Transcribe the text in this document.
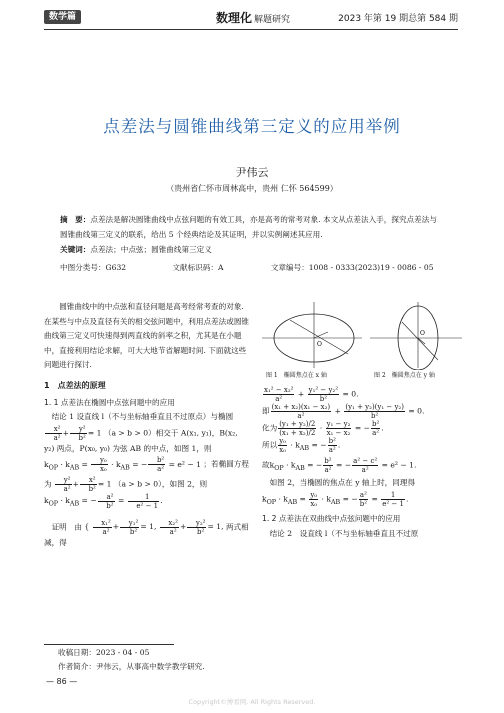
数学篇	数理化 解题研究	2023 年第 19 期总第 584 期
点差法与圆锥曲线第三定义的应用举例
尹伟云
（贵州省仁怀市周林高中，贵州 仁怀 564599）
摘　要：点差法是解决圆锥曲线中点弦问题的有效工具，亦是高考的常考对象. 本文从点差法入手，探究点差法与圆锥曲线第三定义的联系，给出 5 个经典结论及其证明，并以实例阐述其应用.
关键词：点差法；中点弦；圆锥曲线第三定义
中图分类号：G632	文献标识码：A	文章编号：1008 - 0333(2023)19 - 0086 - 05
圆锥曲线中的中点弦和直径问题是高考经常考查的对象. 在某些与中点及直径有关的相交弦问题中，利用点差法或圆锥曲线第三定义可快速得到两直线的斜率之积，尤其是在小题中，直接利用结论求解，可大大地节省解题时间. 下面就这些问题进行探讨.
1　点差法的原理
1. 1 点差法在椭圆中点弦问题中的应用
结论 1 设直线 l（不与坐标轴垂直且不过原点）与椭圆
$\frac{\text{x²}}{\text{a²}} + \frac{\text{y²}}{\text{b²}} = 1$ （a > b > 0）相交于 A(x₁, y₁)，B(x₂, y₂) 两点，P(x₀, y₀) 为弦 AB 的中点，如图 1，则 $k_{OP} \cdot k_{AB} = \frac{\text{y₀}}{\text{x₀}} \cdot k_{AB}$ = − $\frac{\text{b²}}{\text{a²}} = e^2 - 1$ ；若椭圆方程为 $\frac{\text{y²}}{\text{a²}} + \frac{\text{x²}}{\text{b²}} = 1$ （a > b > 0），如图 2，则 $k_{OP} \cdot k_{AB}$ = − $\frac{\text{a²}}{\text{b²}} = \frac{1}{\text{e² − 1}}$ .
证明　由 { $\frac{\text{x₁²}}{\text{a²}} + \frac{\text{y₁²}}{\text{b²}} = 1$, $\frac{\text{x₂²}}{\text{a²}} + \frac{\text{y₂²}}{\text{b²}} = 1$, 两式相减，得
O
O
图 1　椭圆焦点在 x 轴	图 2　椭圆焦点在 y 轴
$\frac{\text{x₁² − x₂²}}{\text{a²}} + \frac{\text{y₁² − y₂²}}{\text{b²}} = 0$.
即 $\frac{\text{(x₁ + x₂)(x₁ − x₂)}}{\text{a²}} + \frac{\text{(y₁ + y₂)(y₁ − y₂)}}{\text{b²}} = 0$.
化为 $\frac{\text{(y₁ + y₂)/2}}{\text{(x₁ + x₂)/2}} \cdot \frac{\text{y₁ − y₂}}{\text{x₁ − x₂}}$ = − $\frac{\text{b²}}{\text{a²}}$ .
所以 $\frac{\text{y₀}}{\text{x₀}} \cdot k_{AB}$ = − $\frac{\text{b²}}{\text{a²}}$ .
故$k_{OP} \cdot k_{AB}$ = − $\frac{\text{b²}}{\text{a²}}$ = − $\frac{\text{a² − c²}}{\text{a²}} = e^2 - 1$.
如图 2，当椭圆的焦点在 y 轴上时，同理得
$k_{OP} \cdot k_{AB} = \frac{\text{y₀}}{\text{x₀}} \cdot k_{AB}$ = − $\frac{\text{a²}}{\text{b²}} = \frac{1}{\text{e² − 1}}$ .
1. 2 点差法在双曲线中点弦问题中的应用
结论 2　设直线 l（不与坐标轴垂直且不过原
收稿日期：2023 - 04 - 05
作者简介：尹伟云，从事高中数学教学研究.
— 86 —
Copyright©博看网. All Rights Reserved.
